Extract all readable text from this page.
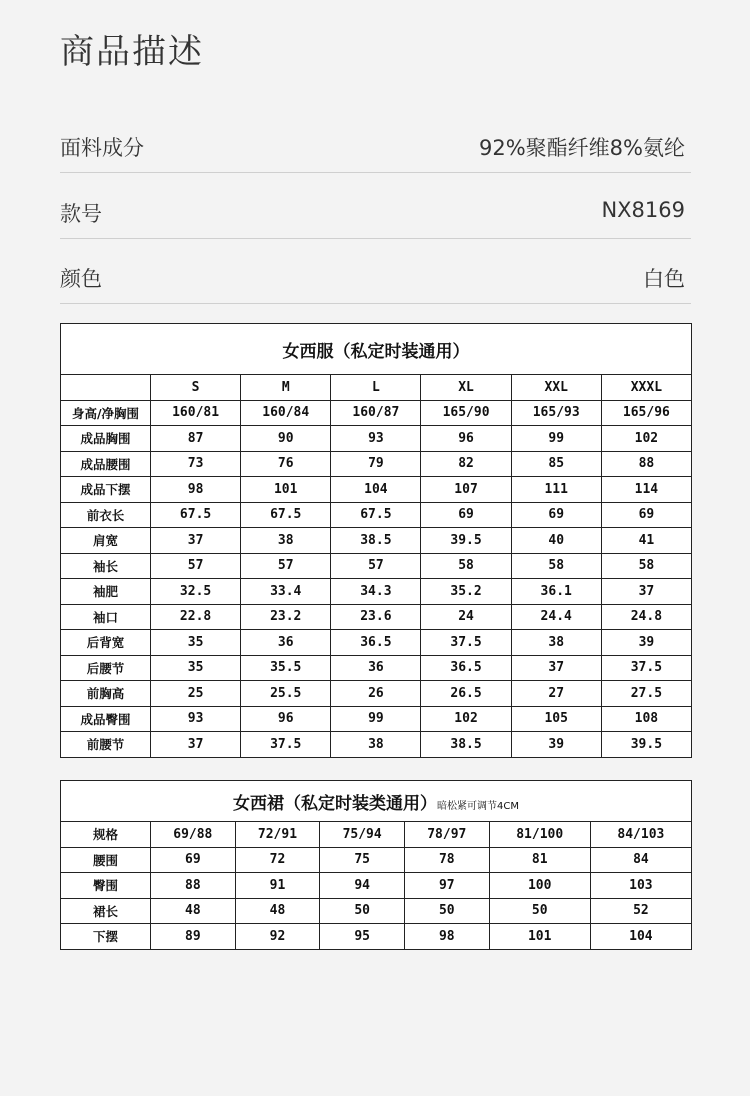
商品描述
面料成分	92%聚酯纤维8%氨纶
款号	NX8169
颜色	白色
女西服（私定时装通用）						
	S	M	L	XL	XXL	XXXL
身高/净胸围	160/81	160/84	160/87	165/90	165/93	165/96
成品胸围	87	90	93	96	99	102
成品腰围	73	76	79	82	85	88
成品下摆	98	101	104	107	111	114
前衣长	67.5	67.5	67.5	69	69	69
肩宽	37	38	38.5	39.5	40	41
袖长	57	57	57	58	58	58
袖肥	32.5	33.4	34.3	35.2	36.1	37
袖口	22.8	23.2	23.6	24	24.4	24.8
后背宽	35	36	36.5	37.5	38	39
后腰节	35	35.5	36	36.5	37	37.5
前胸高	25	25.5	26	26.5	27	27.5
成品臀围	93	96	99	102	105	108
前腰节	37	37.5	38	38.5	39	39.5
女西裙（私定时装类通用）暗松紧可调节4CM						
规格	69/88	72/91	75/94	78/97	81/100	84/103
腰围	69	72	75	78	81	84
臀围	88	91	94	97	100	103
裙长	48	48	50	50	50	52
下摆	89	92	95	98	101	104
